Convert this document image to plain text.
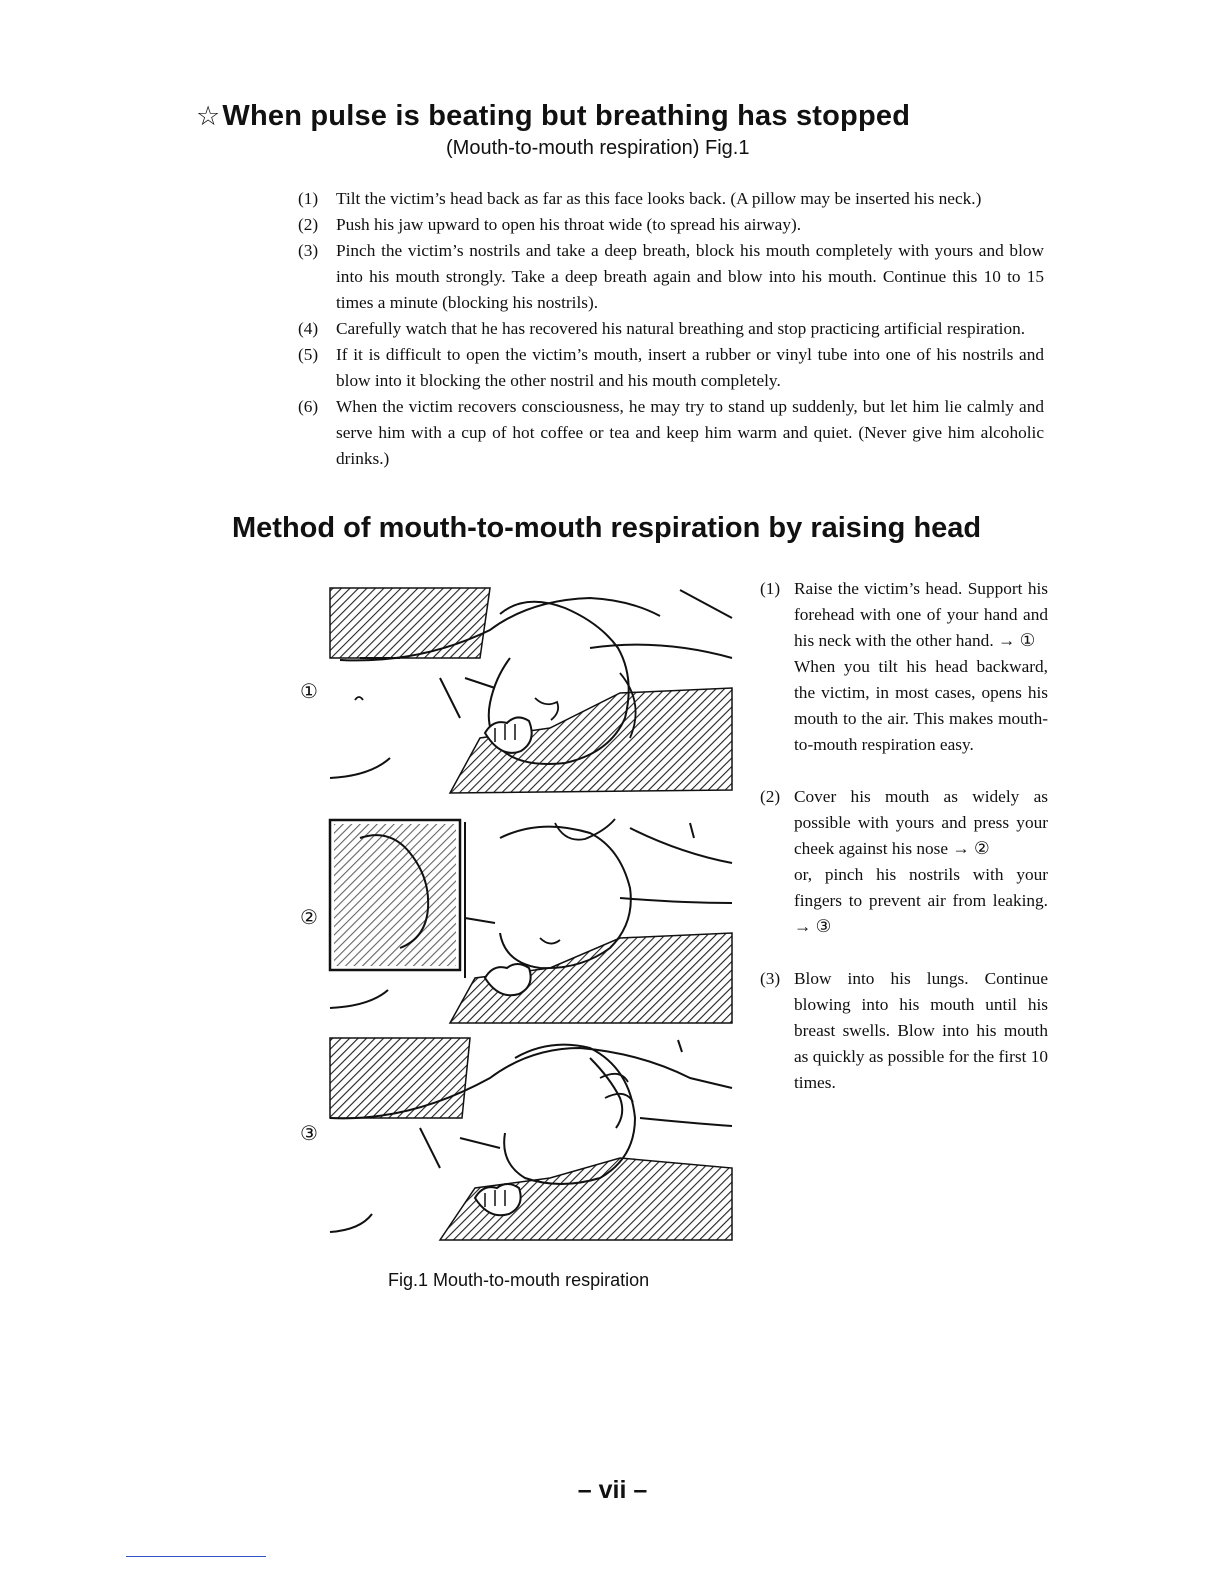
☆When pulse is beating but breathing has stopped
(Mouth-to-mouth respiration) Fig.1
(1)	Tilt the victim’s head back as far as this face looks back. (A pillow may be inserted his neck.)
(2)	Push his jaw upward to open his throat wide (to spread his airway).
(3)	Pinch the victim’s nostrils and take a deep breath, block his mouth completely with yours and blow into his mouth strongly. Take a deep breath again and blow into his mouth. Continue this 10 to 15 times a minute (blocking his nostrils).
(4)	Carefully watch that he has recovered his natural breathing and stop practicing artificial respiration.
(5)	If it is difficult to open the victim’s mouth, insert a rubber or vinyl tube into one of his nostrils and blow into it blocking the other nostril and his mouth completely.
(6)	When the victim recovers consciousness, he may try to stand up suddenly, but let him lie calmly and serve him with a cup of hot coffee or tea and keep him warm and quiet. (Never give him alcoholic drinks.)
Method of mouth-to-mouth respiration by raising head
①
②
③
(1) Raise the victim’s head. Support his forehead with one of your hand and his neck with the other hand. → ①

When you tilt his head backward, the victim, in most cases, opens his mouth to the air. This makes mouth-to-mouth respiration easy.

(2) Cover his mouth as widely as possible with yours and press your cheek against his nose → ②

or, pinch his nostrils with your fingers to prevent air from leaking. → ③

(3) Blow into his lungs. Continue blowing into his mouth until his breast swells. Blow into his mouth as quickly as possible for the first 10 times.

Fig.1 Mouth-to-mouth respiration
– vii –
